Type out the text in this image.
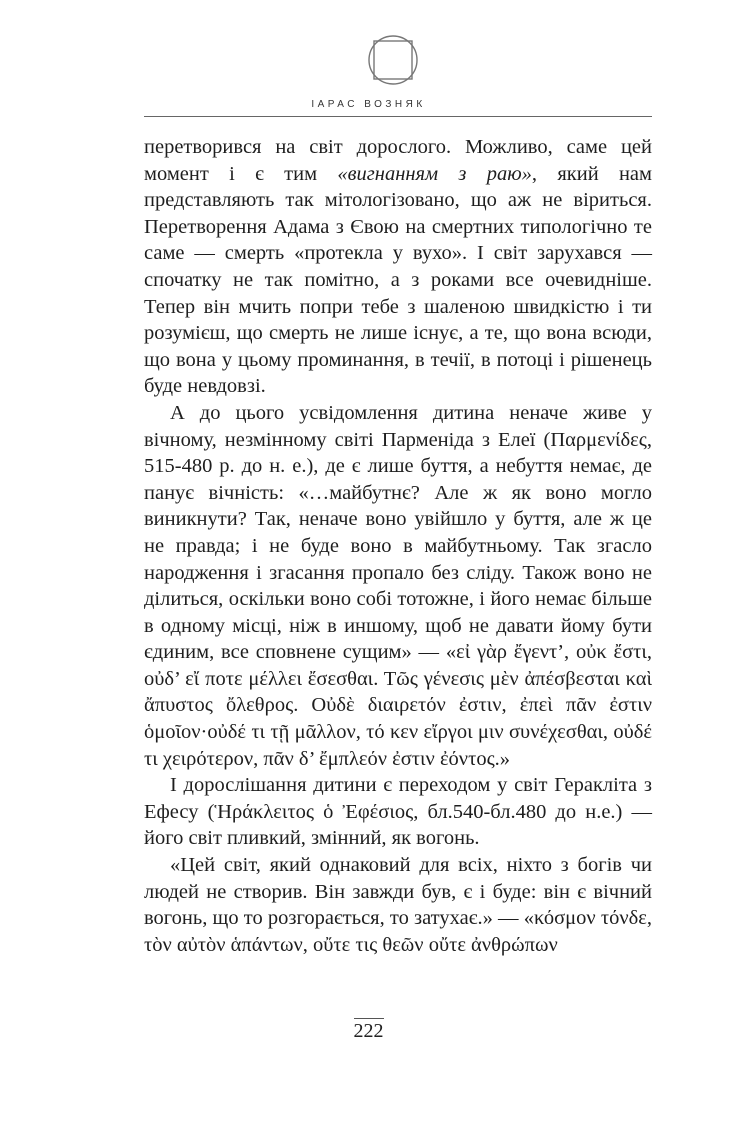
ІАРАС ВОЗНЯК

перетворився на світ дорослого. Можливо, саме цей момент і є тим «вигнанням з раю», який нам представляють так мітологізовано, що аж не віриться. Перетворення Адама з Євою на смертних типологічно те саме — смерть «протекла у вухо». І світ зарухався — спочатку не так помітно, а з роками все очевидніше. Тепер він мчить попри тебе з шаленою швидкістю і ти розумієш, що смерть не лише існує, а те, що вона всюди, що вона у цьому проминання, в течії, в потоці і рішенець буде невдовзі.

А до цього усвідомлення дитина неначе живе у вічному, незмінному світі Парменіда з Елеї (Παρμενίδες, 515-480 р. до н. е.), де є лише буття, а небуття немає, де панує вічність: «…майбутнє? Але ж як воно могло виникнути? Так, неначе воно увійшло у буття, але ж це не правда; і не буде воно в майбутньому. Так згасло народження і згасання пропало без сліду. Також воно не ділиться, оскільки воно собі тотожне, і його немає більше в одному місці, ніж в иншому, щоб не давати йому бути єдиним, все сповнене сущим» — «εἰ γὰρ ἔγεντ’, οὐκ ἔστι, οὐδ’ εἴ ποτε μέλλει ἔσεσθαι. Τῶς γένεσις μὲν ἀπέσβεσται καὶ ἄπυστος ὄλεθρος. Οὐδὲ διαιρετόν ἐστιν, ἐπεὶ πᾶν ἐστιν ὁμοῖον·οὐδέ τι τῇ μᾶλλον, τό κεν εἴργοι μιν συνέχεσθαι, οὐδέ τι χειρότερον, πᾶν δ’ ἔμπλεόν ἐστιν ἐόντος.»

І дорослішання дитини є переходом у світ Геракліта з Ефесу (Ἡράκλειτος ὁ Ἐφέσιος, бл.540-бл.480 до н.е.) — його світ пливкий, змінний, як вогонь.

«Цей світ, який однаковий для всіх, ніхто з богів чи людей не створив. Він завжди був, є і буде: він є вічний вогонь, що то розгорається, то затухає.» — «κόσμον τόνδε, τὸν αὐτὸν ἁπάντων, οὔτε τις θεῶν οὔτε ἀνθρώπων

222
